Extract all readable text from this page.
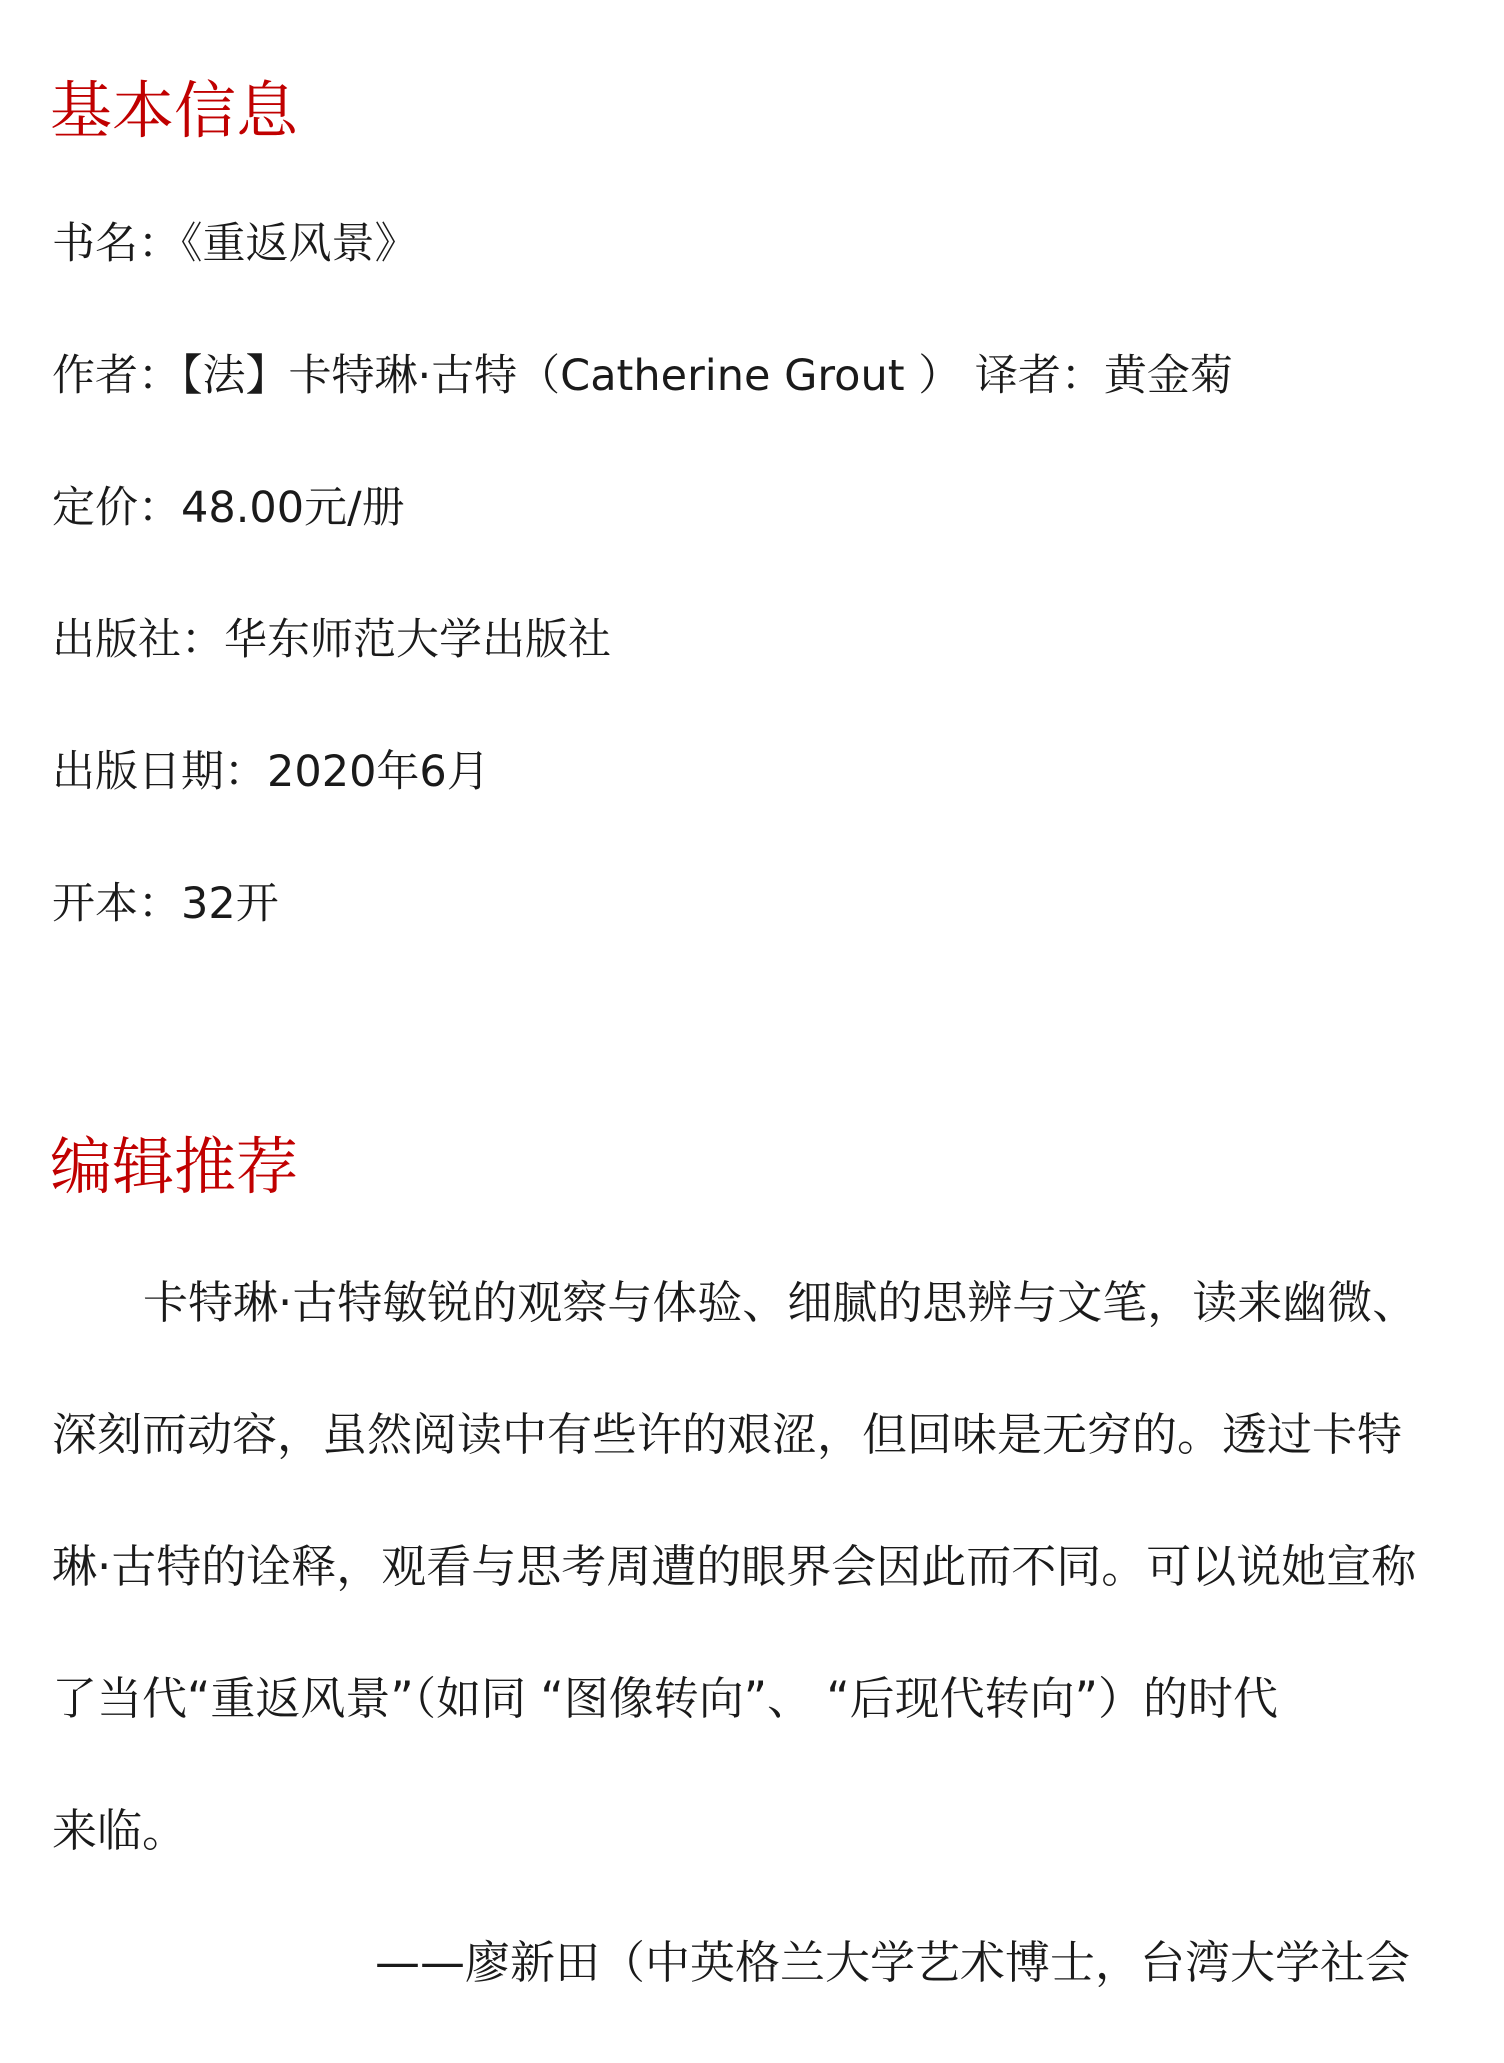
基本信息

书名：《重返风景》

作者：【法】卡特琳·古特（Catherine Grout ） 译者：黄金菊

定价：48.00元/册

出版社：华东师范大学出版社

出版日期：2020年6月

开本：32开

编辑推荐

卡特琳·古特敏锐的观察与体验、细腻的思辨与文笔，读来幽微、

深刻而动容，虽然阅读中有些许的艰涩，但回味是无穷的。透过卡特

琳·古特的诠释，观看与思考周遭的眼界会因此而不同。可以说她宣称

了当代“重返风景”（如同 “图像转向”、 “后现代转向”）的时代

来临。

——廖新田（中英格兰大学艺术博士，台湾大学社会
